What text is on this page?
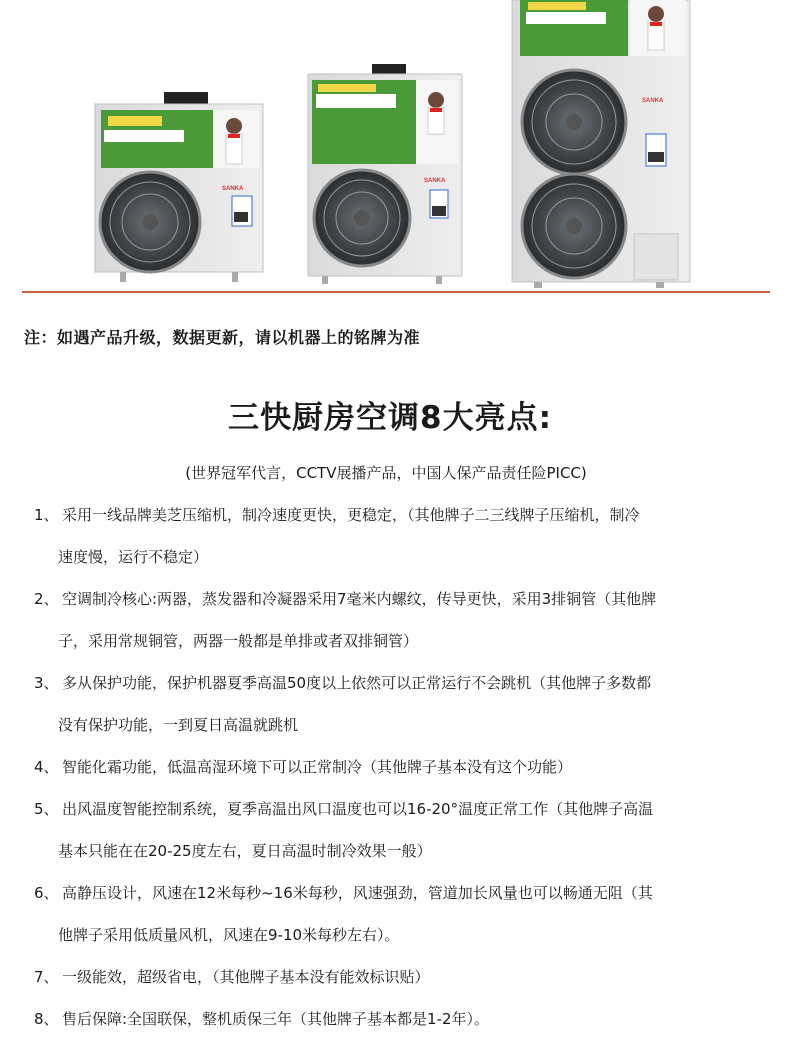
SANKA
SANKA
SANKA
注：如遇产品升级，数据更新，请以机器上的铭牌为准
三快厨房空调8大亮点:
(世界冠军代言，CCTV展播产品，中国人保产品责任险PICC)
1、 采用一线品牌美芝压缩机，制冷速度更快，更稳定，（其他牌子二三线牌子压缩机，制冷
速度慢，运行不稳定）
2、 空调制冷核心:两器，蒸发器和冷凝器采用7毫米内螺纹，传导更快，采用3排铜管（其他牌
子，采用常规铜管，两器一般都是单排或者双排铜管）
3、 多从保护功能，保护机器夏季高温50度以上依然可以正常运行不会跳机（其他牌子多数都
没有保护功能，一到夏日高温就跳机
4、 智能化霜功能，低温高湿环境下可以正常制冷（其他牌子基本没有这个功能）
5、 出风温度智能控制系统，夏季高温出风口温度也可以16-20°温度正常工作（其他牌子高温
基本只能在在20-25度左右，夏日高温时制冷效果一般）
6、 高静压设计，风速在12米每秒~16米每秒，风速强劲，管道加长风量也可以畅通无阻（其
他牌子采用低质量风机，风速在9-10米每秒左右）。
7、 一级能效，超级省电，（其他牌子基本没有能效标识贴）
8、 售后保障:全国联保，整机质保三年（其他牌子基本都是1-2年）。
